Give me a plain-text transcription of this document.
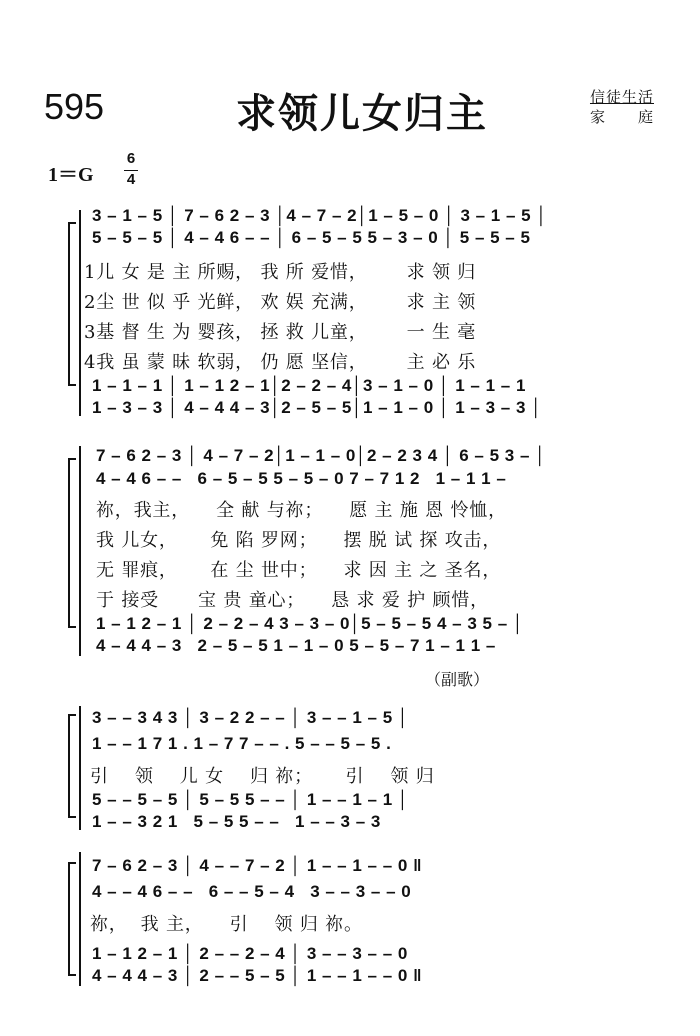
595	求领儿女归主	信徒生活
家　　庭
1＝G
6
4
3 – 1 – 5 │ 7 – 6 2 – 3 │4 – 7 – 2│1 – 5 – 0 │ 3 – 1 – 5 │
5 – 5 – 5 │ 4 – 4 6 – – │ 6 – 5 – 5 5 – 3 – 0 │ 5 – 5 – 5
1儿 女 是 主 所赐， 我 所 爱惜，      求 领 归
2尘 世 似 乎 光鲜， 欢 娱 充满，      求 主 领
3基 督 生 为 婴孩， 拯 救 儿童，      一 生 毫
4我 虽 蒙 昧 软弱， 仍 愿 坚信，      主 必 乐
1 – 1 – 1 │ 1 – 1 2 – 1│2 – 2 – 4│3 – 1 – 0 │ 1 – 1 – 1
1 – 3 – 3 │ 4 – 4 4 – 3│2 – 5 – 5│1 – 1 – 0 │ 1 – 3 – 3 │
7 – 6 2 – 3 │ 4 – 7 – 2│1 – 1 – 0│2 – 2 3 4 │ 6 – 5 3 – │
4 – 4 6 – –   6 – 5 – 5 5 – 5 – 0 7 – 7 1 2   1 – 1 1 –
祢，我主，    全 献 与祢；    愿 主 施 恩 怜恤，
我 儿女，     免 陷 罗网；    摆 脱 试 探 攻击，
无 罪痕，     在 尘 世中；    求 因 主 之 圣名，
于 接受      宝 贵 童心；    恳 求 爱 护 顾惜，
1 – 1 2 – 1 │ 2 – 2 – 4 3 – 3 – 0│5 – 5 – 5 4 – 3 5 – │
4 – 4 4 – 3   2 – 5 – 5 1 – 1 – 0 5 – 5 – 7 1 – 1 1 –
（副歌）
3 – – 3 4 3 │ 3 – 2 2 – – │ 3 – – 1 – 5 │
1 – – 1 7 1 . 1 – 7 7 – – . 5 – – 5 – 5 .
引    领    儿 女    归 祢；     引    领 归
5 – – 5 – 5 │ 5 – 5 5 – – │ 1 – – 1 – 1 │
1 – – 3 2 1   5 – 5 5 – –   1 – – 3 – 3
7 – 6 2 – 3 │ 4 – – 7 – 2 │ 1 – – 1 – – 0 ‖
4 – – 4 6 – –   6 – – 5 – 4   3 – – 3 – – 0
祢，  我 主，    引    领 归 祢。
1 – 1 2 – 1 │ 2 – – 2 – 4 │ 3 – – 3 – – 0
4 – 4 4 – 3 │ 2 – – 5 – 5 │ 1 – – 1 – – 0 ‖
